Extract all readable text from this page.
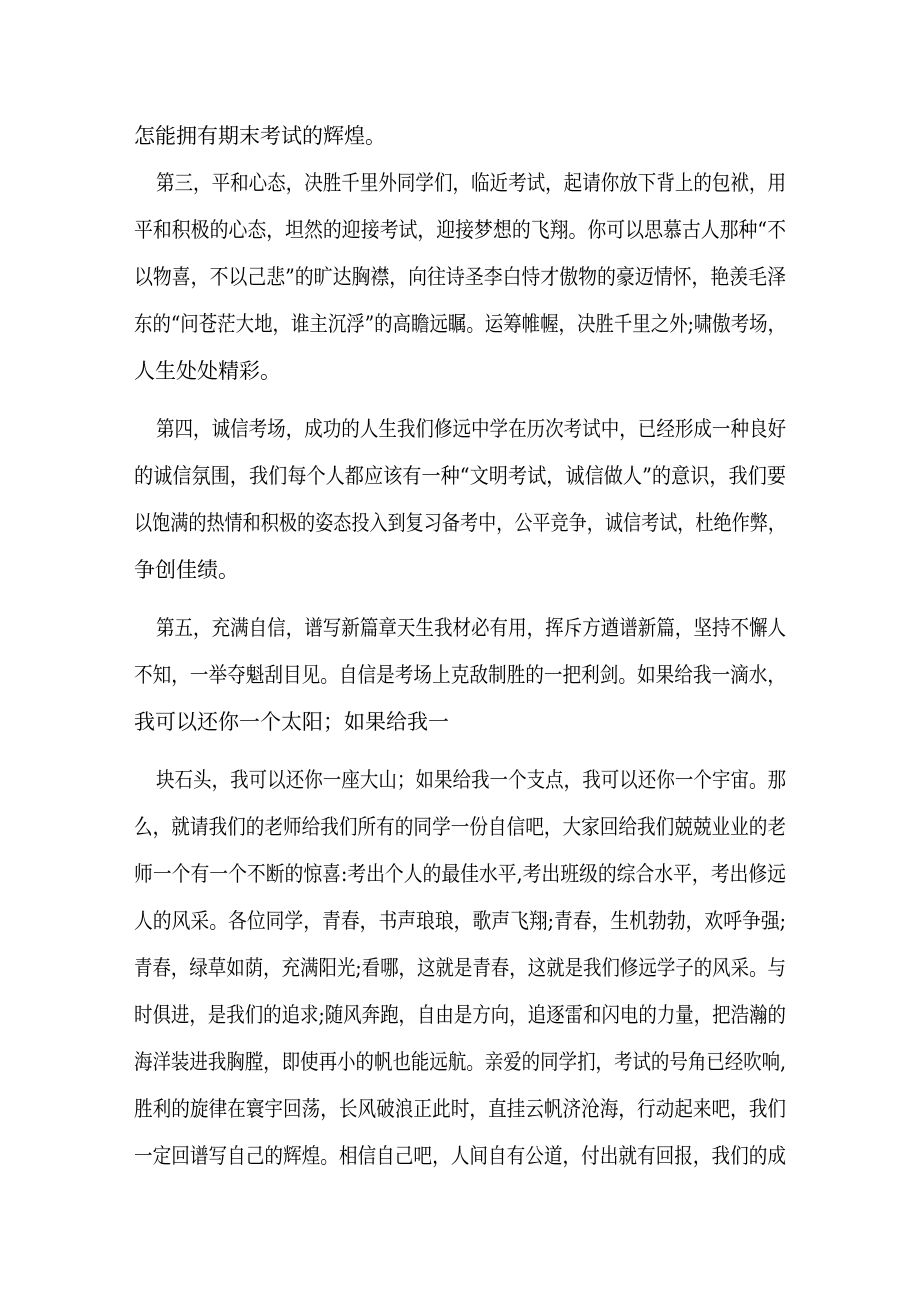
怎能拥有期末考试的辉煌。
第三，平和心态，决胜千里外同学们，临近考试，起请你放下背上的包袱，用
平和积极的心态，坦然的迎接考试，迎接梦想的飞翔。你可以思慕古人那种“不
以物喜，不以己悲”的旷达胸襟，向往诗圣李白恃才傲物的豪迈情怀，艳羡毛泽
东的“问苍茫大地，谁主沉浮”的高瞻远瞩。运筹帷幄，决胜千里之外;啸傲考场，
人生处处精彩。
第四，诚信考场，成功的人生我们修远中学在历次考试中，已经形成一种良好
的诚信氛围，我们每个人都应该有一种“文明考试，诚信做人”的意识，我们要
以饱满的热情和积极的姿态投入到复习备考中，公平竞争，诚信考试，杜绝作弊，
争创佳绩。
第五，充满自信，谱写新篇章天生我材必有用，挥斥方遒谱新篇，坚持不懈人
不知，一举夺魁刮目见。自信是考场上克敌制胜的一把利剑。如果给我一滴水，
我可以还你一个太阳；如果给我一
块石头，我可以还你一座大山；如果给我一个支点，我可以还你一个宇宙。那
么，就请我们的老师给我们所有的同学一份自信吧，大家回给我们兢兢业业的老
师一个有一个不断的惊喜:考出个人的最佳水平,考出班级的综合水平，考出修远
人的风采。各位同学，青春，书声琅琅，歌声飞翔;青春，生机勃勃，欢呼争强;
青春，绿草如荫，充满阳光;看哪，这就是青春，这就是我们修远学子的风采。与
时俱进，是我们的追求;随风奔跑，自由是方向，追逐雷和闪电的力量，把浩瀚的
海洋装进我胸膛，即使再小的帆也能远航。亲爱的同学扪，考试的号角已经吹响,
胜利的旋律在寰宇回荡，长风破浪正此时，直挂云帆济沧海，行动起来吧，我们
一定回谱写自己的辉煌。相信自己吧，人间自有公道，付出就有回报，我们的成
